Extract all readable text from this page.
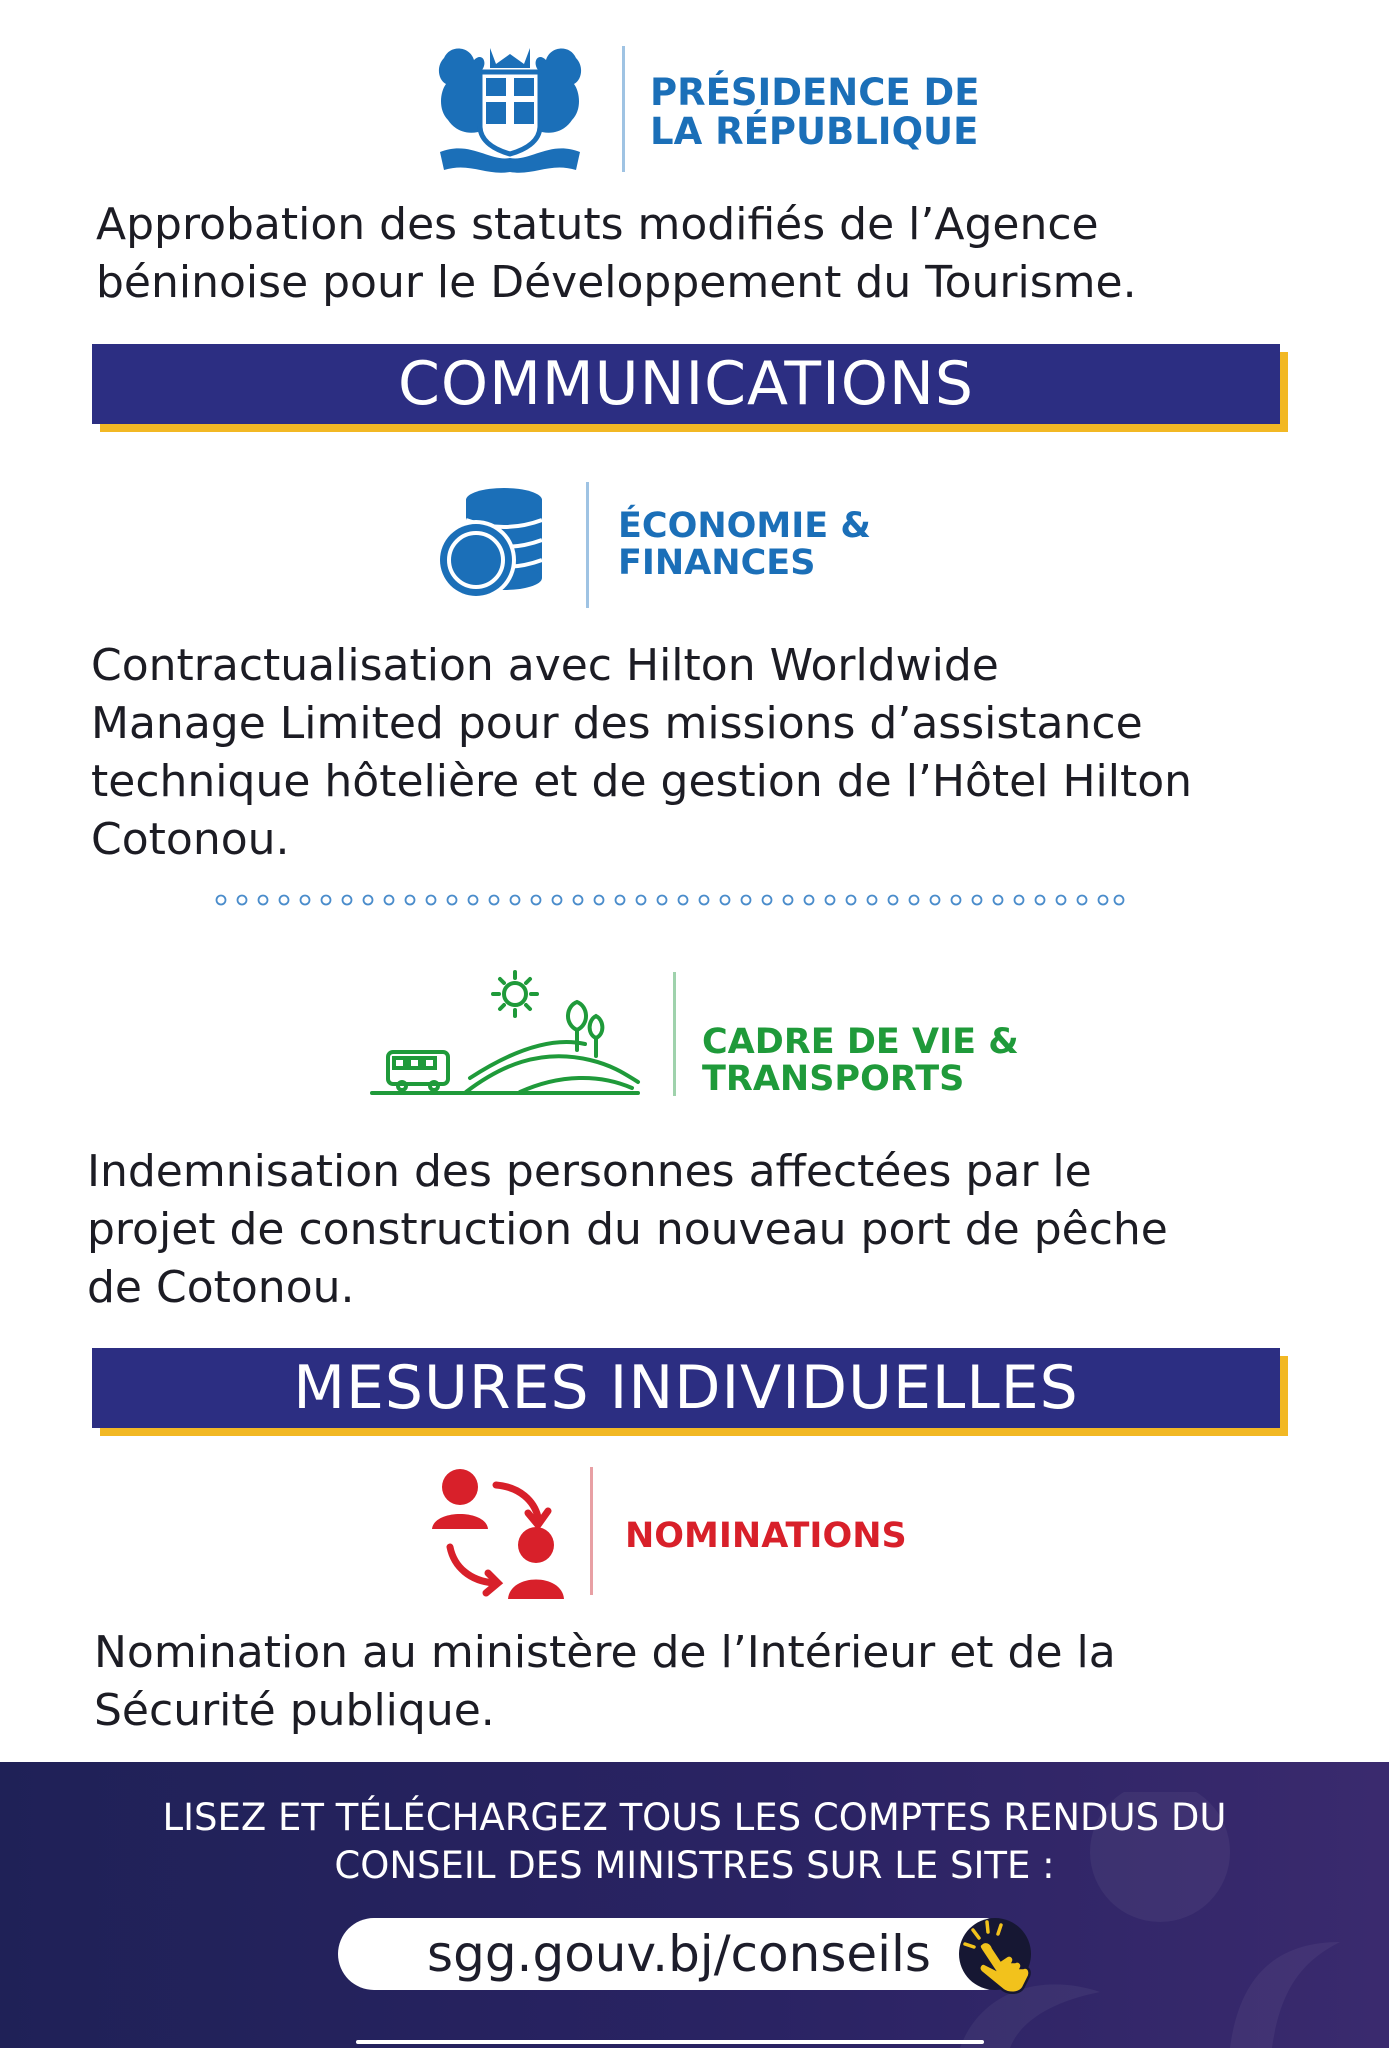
PRÉSIDENCE DE
LA RÉPUBLIQUE
Approbation des statuts modifiés de l’Agence
béninoise pour le Développement du Tourisme.
COMMUNICATIONS
ÉCONOMIE &
FINANCES
Contractualisation avec Hilton Worldwide
Manage Limited pour des missions d’assistance
technique hôtelière et de gestion de l’Hôtel Hilton
Cotonou.
CADRE DE VIE &
TRANSPORTS
Indemnisation des personnes affectées par le
projet de construction du nouveau port de pêche
de Cotonou.
MESURES INDIVIDUELLES
NOMINATIONS
Nomination au ministère de l’Intérieur et de la
Sécurité publique.
LISEZ ET TÉLÉCHARGEZ TOUS LES COMPTES RENDUS DU
CONSEIL DES MINISTRES SUR LE SITE :
sgg.gouv.bj/conseils
